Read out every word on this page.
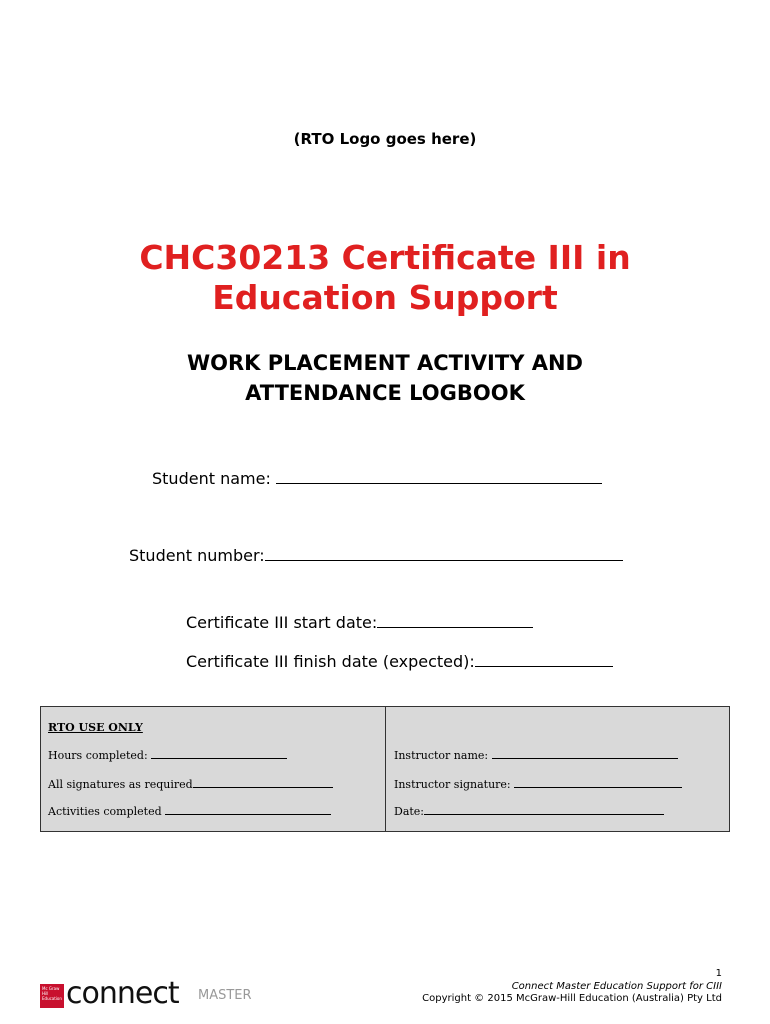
(RTO Logo goes here)
CHC30213 Certificate III in
Education Support
WORK PLACEMENT ACTIVITY AND
ATTENDANCE LOGBOOK
Student name:
Student number:
Certificate III start date:
Certificate III finish date (expected):
RTO USE ONLY
Hours completed:
All signatures as required
Activities completed
Instructor name:
Instructor signature:
Date:
Mc Graw Hill Education connect MASTER
1
Connect Master Education Support for CIII
Copyright © 2015 McGraw-Hill Education (Australia) Pty Ltd
